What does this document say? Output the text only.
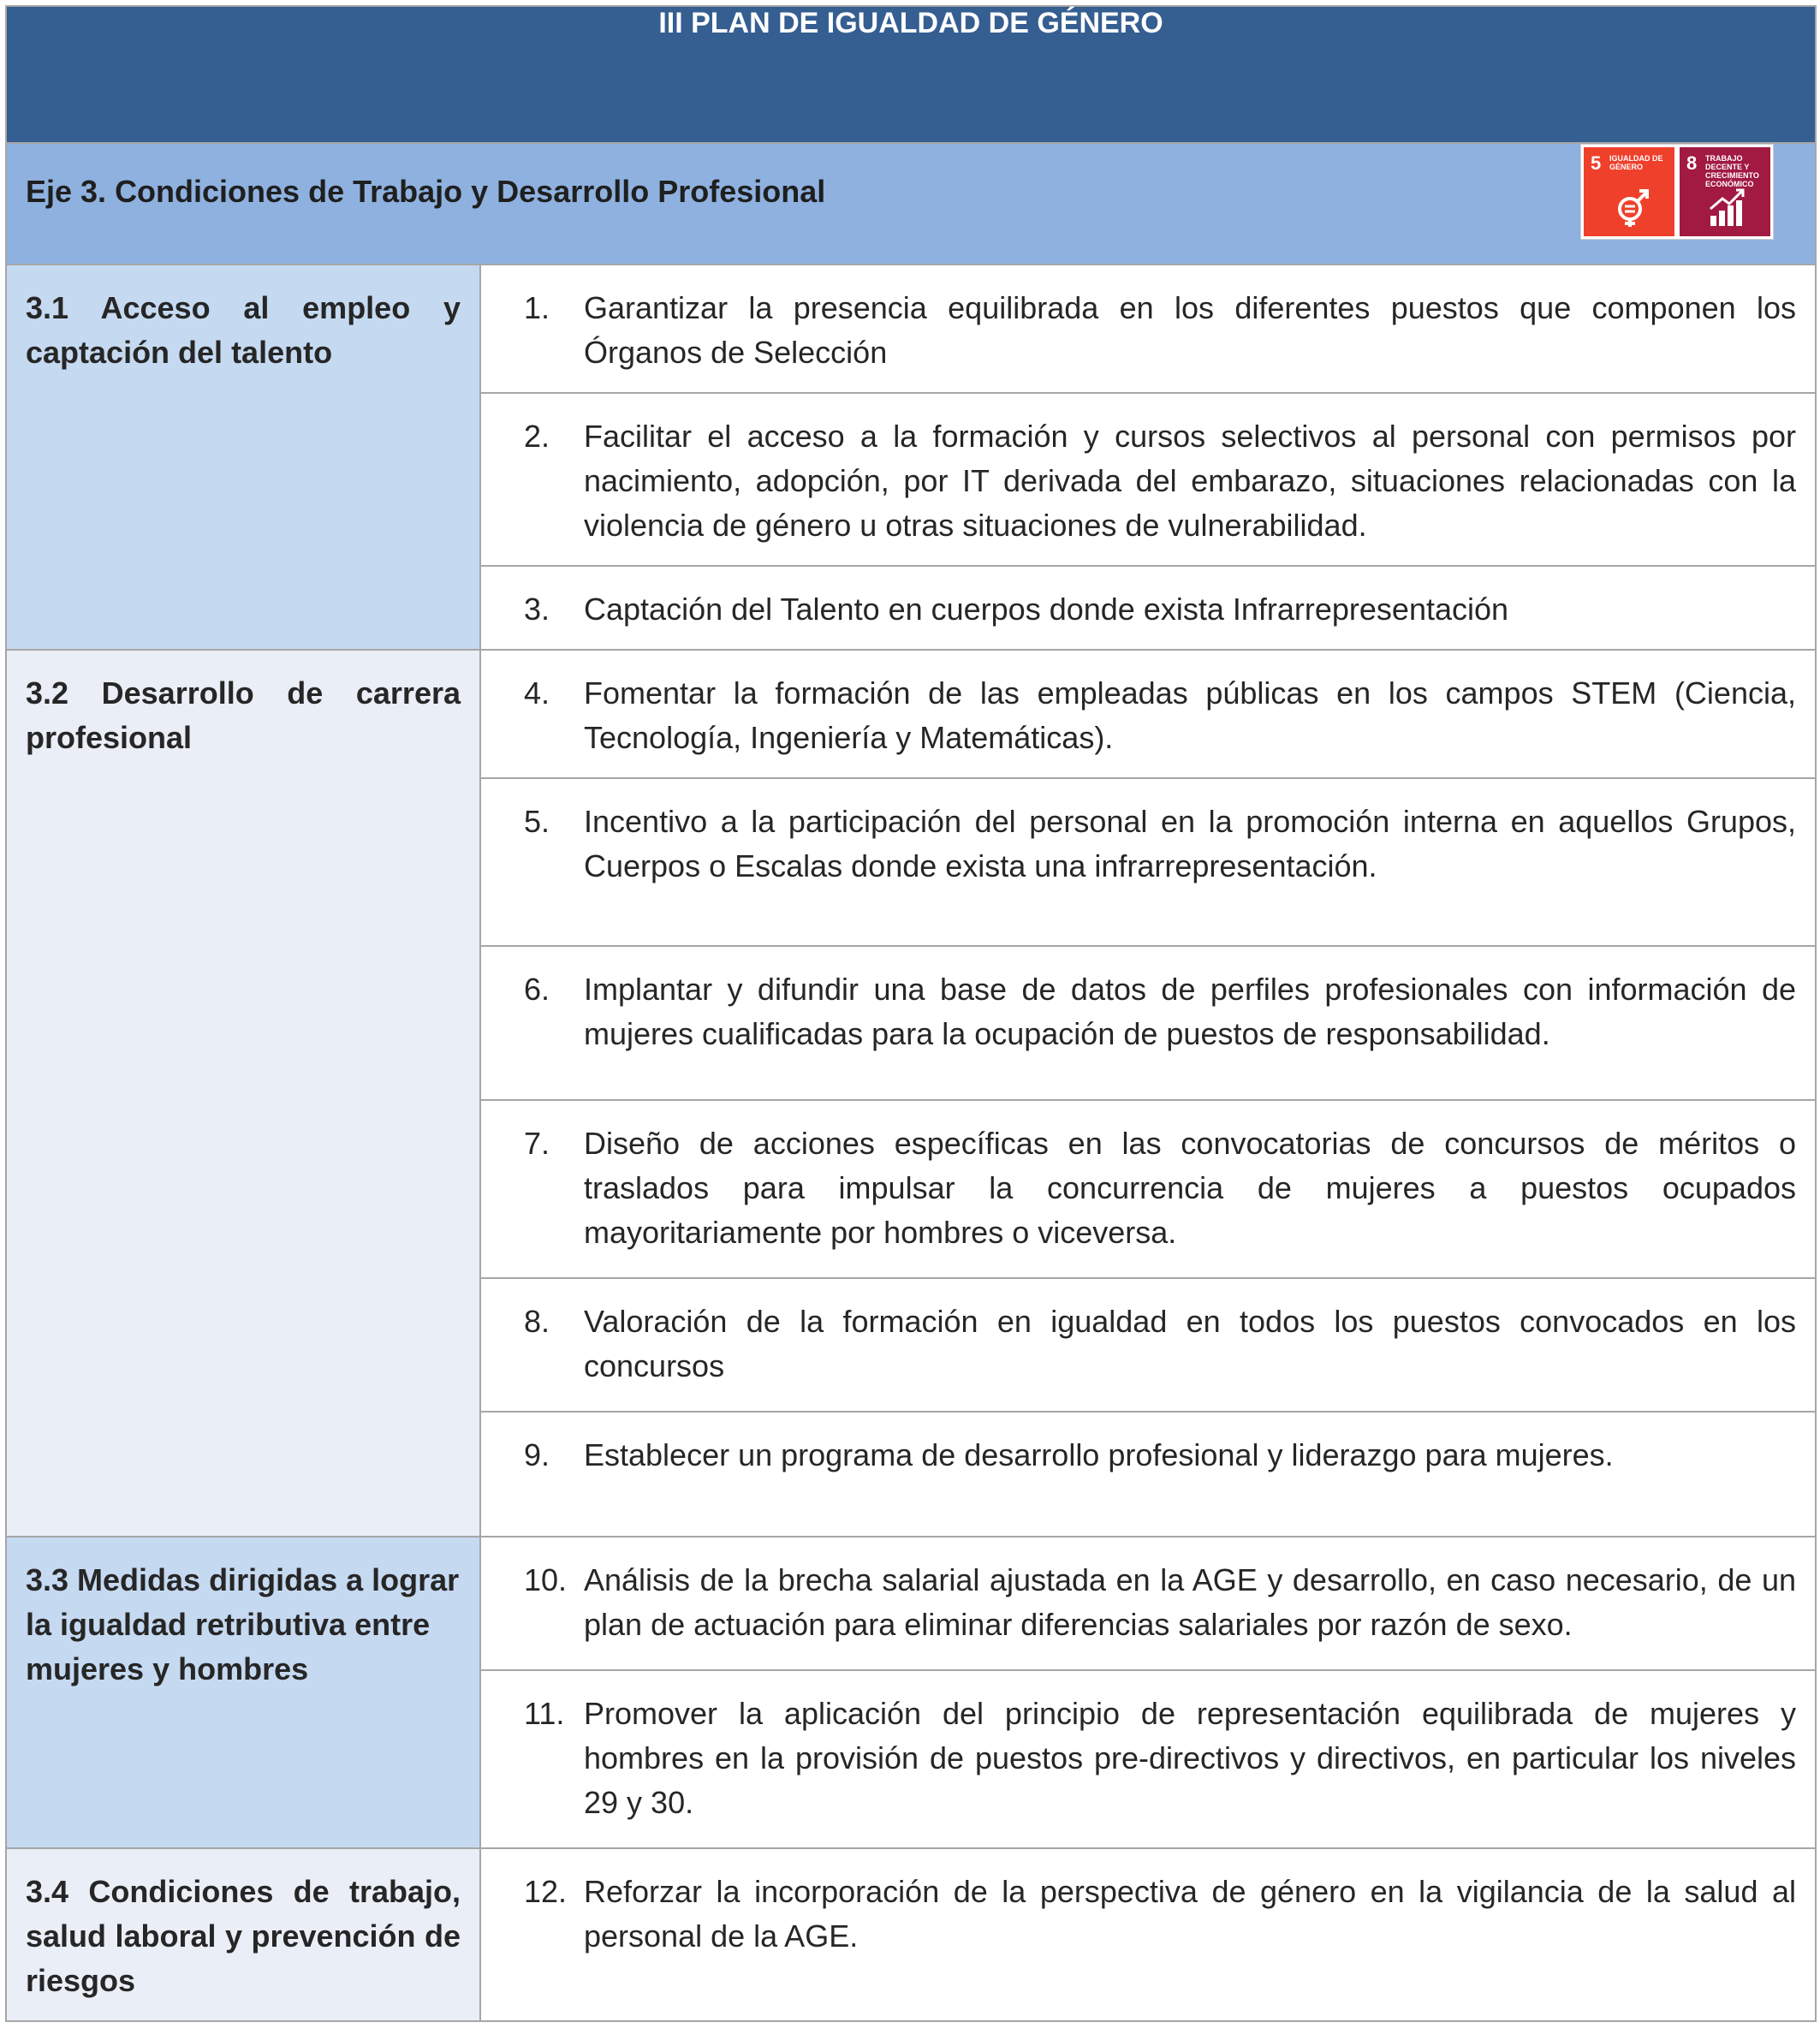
III PLAN DE IGUALDAD DE GÉNERO	

Eje 3. Condiciones de Trabajo y Desarrollo Profesional
5 IGUALDAD DE GÉNERO 8 TRABAJO DECENTE Y CRECIMIENTO ECONÓMICO	

3.1 Acceso al empleo y captación del talento	1. Garantizar la presencia equilibrada en los diferentes puestos que componen los Órganos de Selección

	2. Facilitar el acceso a la formación y cursos selectivos al personal con permisos por nacimiento, adopción, por IT derivada del embarazo, situaciones relacionadas con la violencia de género u otras situaciones de vulnerabilidad.

	3. Captación del Talento en cuerpos donde exista Infrarrepresentación

3.2 Desarrollo de carrera profesional	4. Fomentar la formación de las empleadas públicas en los campos STEM (Ciencia, Tecnología, Ingeniería y Matemáticas).

	5. Incentivo a la participación del personal en la promoción interna en aquellos Grupos, Cuerpos o Escalas donde exista una infrarrepresentación.

	6. Implantar y difundir una base de datos de perfiles profesionales con información de mujeres cualificadas para la ocupación de puestos de responsabilidad.

	7. Diseño de acciones específicas en las convocatorias de concursos de méritos o traslados para impulsar la concurrencia de mujeres a puestos ocupados mayoritariamente por hombres o viceversa.

	8. Valoración de la formación en igualdad en todos los puestos convocados en los concursos

	9. Establecer un programa de desarrollo profesional y liderazgo para mujeres.

3.3 Medidas dirigidas a lograr la igualdad retributiva entre mujeres y hombres	10. Análisis de la brecha salarial ajustada en la AGE y desarrollo, en caso necesario, de un plan de actuación para eliminar diferencias salariales por razón de sexo.

	11. Promover la aplicación del principio de representación equilibrada de mujeres y hombres en la provisión de puestos pre-directivos y directivos, en particular los niveles 29 y 30.

3.4 Condiciones de trabajo, salud laboral y prevención de riesgos	12. Reforzar la incorporación de la perspectiva de género en la vigilancia de la salud al personal de la AGE.
